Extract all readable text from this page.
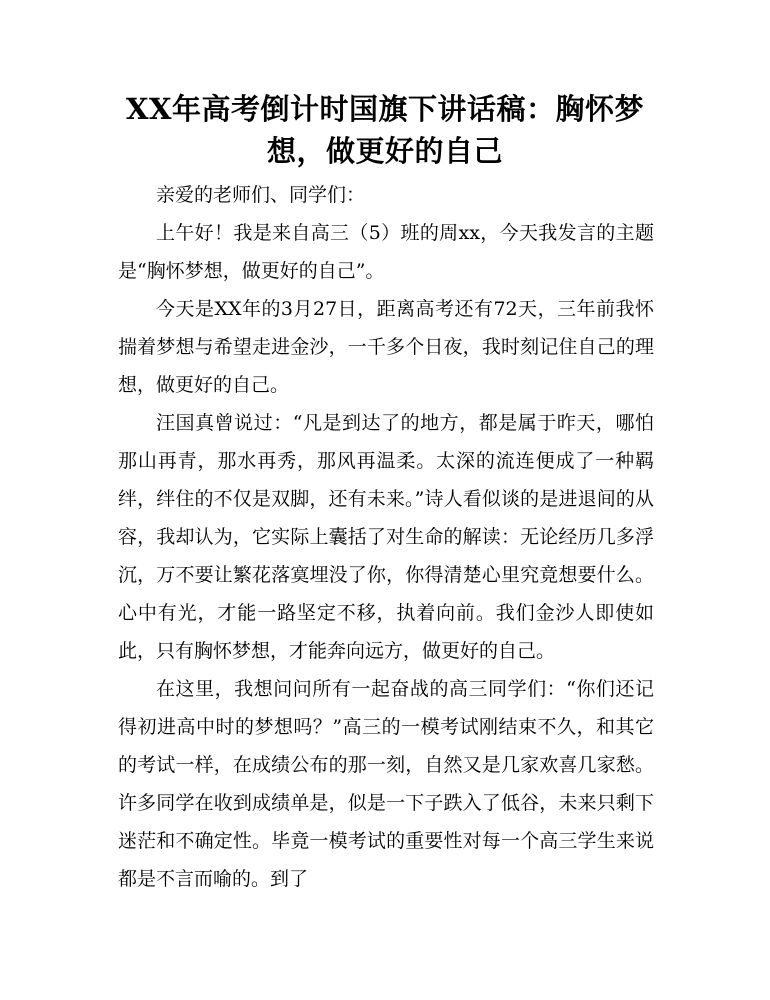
XX年高考倒计时国旗下讲话稿：胸怀梦想，做更好的自己

亲爱的老师们、同学们：

上午好！我是来自高三（5）班的周xx，今天我发言的主题是“胸怀梦想，做更好的自己”。

今天是XX年的3月27日，距离高考还有72天，三年前我怀揣着梦想与希望走进金沙，一千多个日夜，我时刻记住自己的理想，做更好的自己。

汪国真曾说过：“凡是到达了的地方，都是属于昨天，哪怕那山再青，那水再秀，那风再温柔。太深的流连便成了一种羁绊，绊住的不仅是双脚，还有未来。”诗人看似谈的是进退间的从容，我却认为，它实际上囊括了对生命的解读：无论经历几多浮沉，万不要让繁花落寞埋没了你，你得清楚心里究竟想要什么。心中有光，才能一路坚定不移，执着向前。我们金沙人即使如此，只有胸怀梦想，才能奔向远方，做更好的自己。

在这里，我想问问所有一起奋战的高三同学们：“你们还记得初进高中时的梦想吗？”高三的一模考试刚结束不久，和其它的考试一样，在成绩公布的那一刻，自然又是几家欢喜几家愁。许多同学在收到成绩单是，似是一下子跌入了低谷，未来只剩下迷茫和不确定性。毕竟一模考试的重要性对每一个高三学生来说都是不言而喻的。到了
